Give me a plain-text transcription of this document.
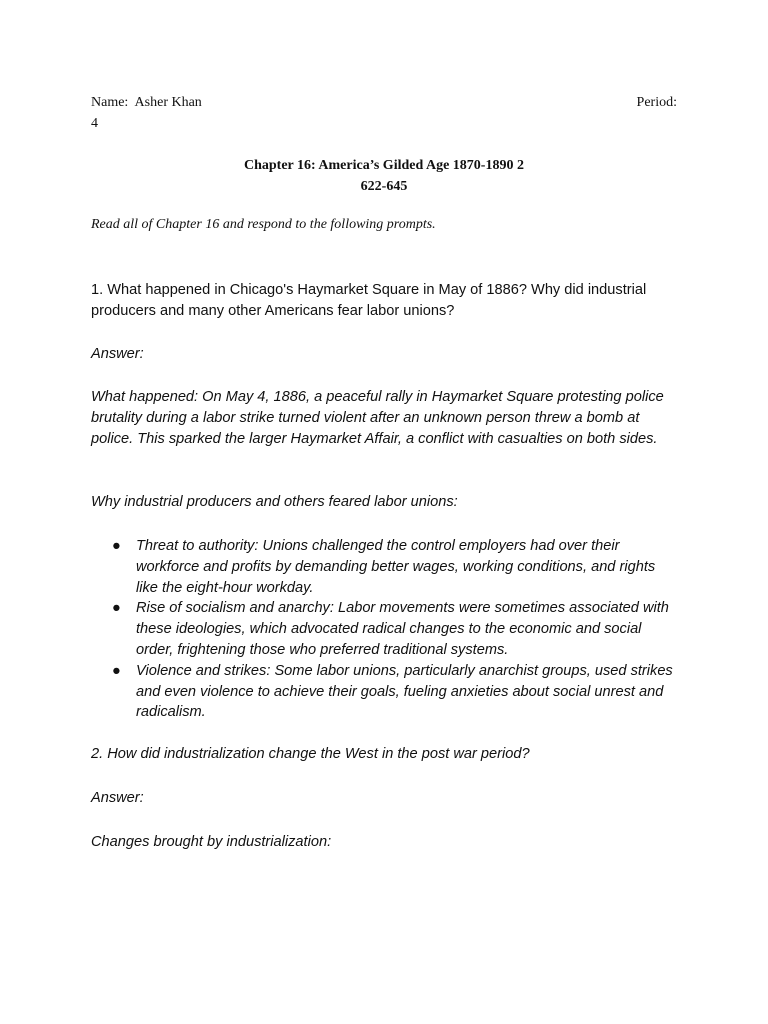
Name:  Asher Khan	Period:
4
Chapter 16: America’s Gilded Age 1870-1890 2
622-645
Read all of Chapter 16 and respond to the following prompts.
1. What happened in Chicago's Haymarket Square in May of 1886? Why did industrial producers and many other Americans fear labor unions?
Answer:
What happened: On May 4, 1886, a peaceful rally in Haymarket Square protesting police brutality during a labor strike turned violent after an unknown person threw a bomb at police. This sparked the larger Haymarket Affair, a conflict with casualties on both sides.
Why industrial producers and others feared labor unions:
● Threat to authority: Unions challenged the control employers had over their workforce and profits by demanding better wages, working conditions, and rights like the eight-hour workday.
● Rise of socialism and anarchy: Labor movements were sometimes associated with these ideologies, which advocated radical changes to the economic and social order, frightening those who preferred traditional systems.
● Violence and strikes: Some labor unions, particularly anarchist groups, used strikes and even violence to achieve their goals, fueling anxieties about social unrest and radicalism.
2. How did industrialization change the West in the post war period?
Answer:
Changes brought by industrialization:
